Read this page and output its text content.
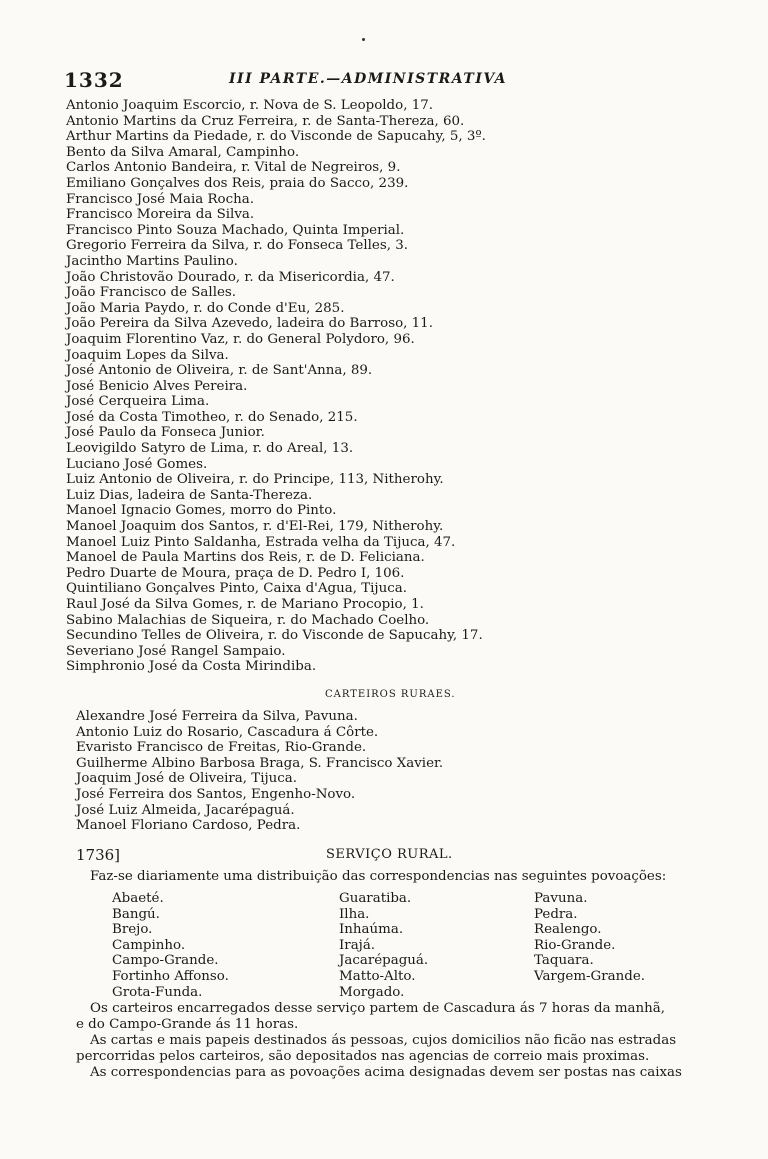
1332	III PARTE.—ADMINISTRATIVA
Antonio Joaquim Escorcio, r. Nova de S. Leopoldo, 17.
Antonio Martins da Cruz Ferreira, r. de Santa-Thereza, 60.
Arthur Martins da Piedade, r. do Visconde de Sapucahy, 5, 3º.
Bento da Silva Amaral, Campinho.
Carlos Antonio Bandeira, r. Vital de Negreiros, 9.
Emiliano Gonçalves dos Reis, praia do Sacco, 239.
Francisco José Maia Rocha.
Francisco Moreira da Silva.
Francisco Pinto Souza Machado, Quinta Imperial.
Gregorio Ferreira da Silva, r. do Fonseca Telles, 3.
Jacintho Martins Paulino.
João Christovão Dourado, r. da Misericordia, 47.
João Francisco de Salles.
João Maria Paydo, r. do Conde d'Eu, 285.
João Pereira da Silva Azevedo, ladeira do Barroso, 11.
Joaquim Florentino Vaz, r. do General Polydoro, 96.
Joaquim Lopes da Silva.
José Antonio de Oliveira, r. de Sant'Anna, 89.
José Benicio Alves Pereira.
José Cerqueira Lima.
José da Costa Timotheo, r. do Senado, 215.
José Paulo da Fonseca Junior.
Leovigildo Satyro de Lima, r. do Areal, 13.
Luciano José Gomes.
Luiz Antonio de Oliveira, r. do Principe, 113, Nitherohy.
Luiz Dias, ladeira de Santa-Thereza.
Manoel Ignacio Gomes, morro do Pinto.
Manoel Joaquim dos Santos, r. d'El-Rei, 179, Nitherohy.
Manoel Luiz Pinto Saldanha, Estrada velha da Tijuca, 47.
Manoel de Paula Martins dos Reis, r. de D. Feliciana.
Pedro Duarte de Moura, praça de D. Pedro I, 106.
Quintiliano Gonçalves Pinto, Caixa d'Agua, Tijuca.
Raul José da Silva Gomes, r. de Mariano Procopio, 1.
Sabino Malachias de Siqueira, r. do Machado Coelho.
Secundino Telles de Oliveira, r. do Visconde de Sapucahy, 17.
Severiano José Rangel Sampaio.
Simphronio José da Costa Mirindiba.
CARTEIROS RURAES.
Alexandre José Ferreira da Silva, Pavuna.
Antonio Luiz do Rosario, Cascadura á Côrte.
Evaristo Francisco de Freitas, Rio-Grande.
Guilherme Albino Barbosa Braga, S. Francisco Xavier.
Joaquim José de Oliveira, Tijuca.
José Ferreira dos Santos, Engenho-Novo.
José Luiz Almeida, Jacarépaguá.
Manoel Floriano Cardoso, Pedra.
1736]	SERVIÇO RURAL.
Faz-se diariamente uma distribuição das correspondencias nas seguintes povoações:
Abaeté.
Bangú.
Brejo.
Campinho.
Campo-Grande.
Fortinho Affonso.
Grota-Funda.
Guaratiba.
Ilha.
Inhaúma.
Irajá.
Jacarépaguá.
Matto-Alto.
Morgado.
Pavuna.
Pedra.
Realengo.
Rio-Grande.
Taquara.
Vargem-Grande.
Os carteiros encarregados desse serviço partem de Cascadura ás 7 horas da manhã,
e do Campo-Grande ás 11 horas.
As cartas e mais papeis destinados ás pessoas, cujos domicilios não ficão nas estradas
percorridas pelos carteiros, são depositados nas agencias de correio mais proximas.
As correspondencias para as povoações acima designadas devem ser postas nas caixas
